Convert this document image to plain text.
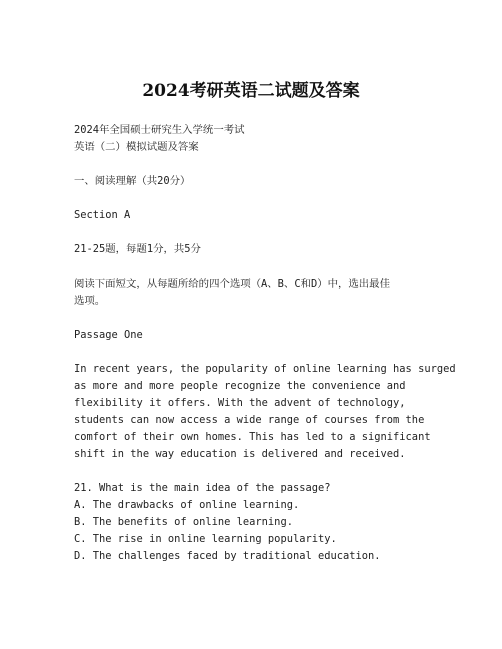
2024考研英语二试题及答案
2024年全国硕士研究生入学统一考试
英语（二）模拟试题及答案
一、阅读理解（共20分）
Section A
21-25题，每题1分，共5分
阅读下面短文，从每题所给的四个选项（A、B、C和D）中，选出最佳
选项。
Passage One
In recent years, the popularity of online learning has surged
as more and more people recognize the convenience and
flexibility it offers. With the advent of technology,
students can now access a wide range of courses from the
comfort of their own homes. This has led to a significant
shift in the way education is delivered and received.
21. What is the main idea of the passage?
A. The drawbacks of online learning.
B. The benefits of online learning.
C. The rise in online learning popularity.
D. The challenges faced by traditional education.
